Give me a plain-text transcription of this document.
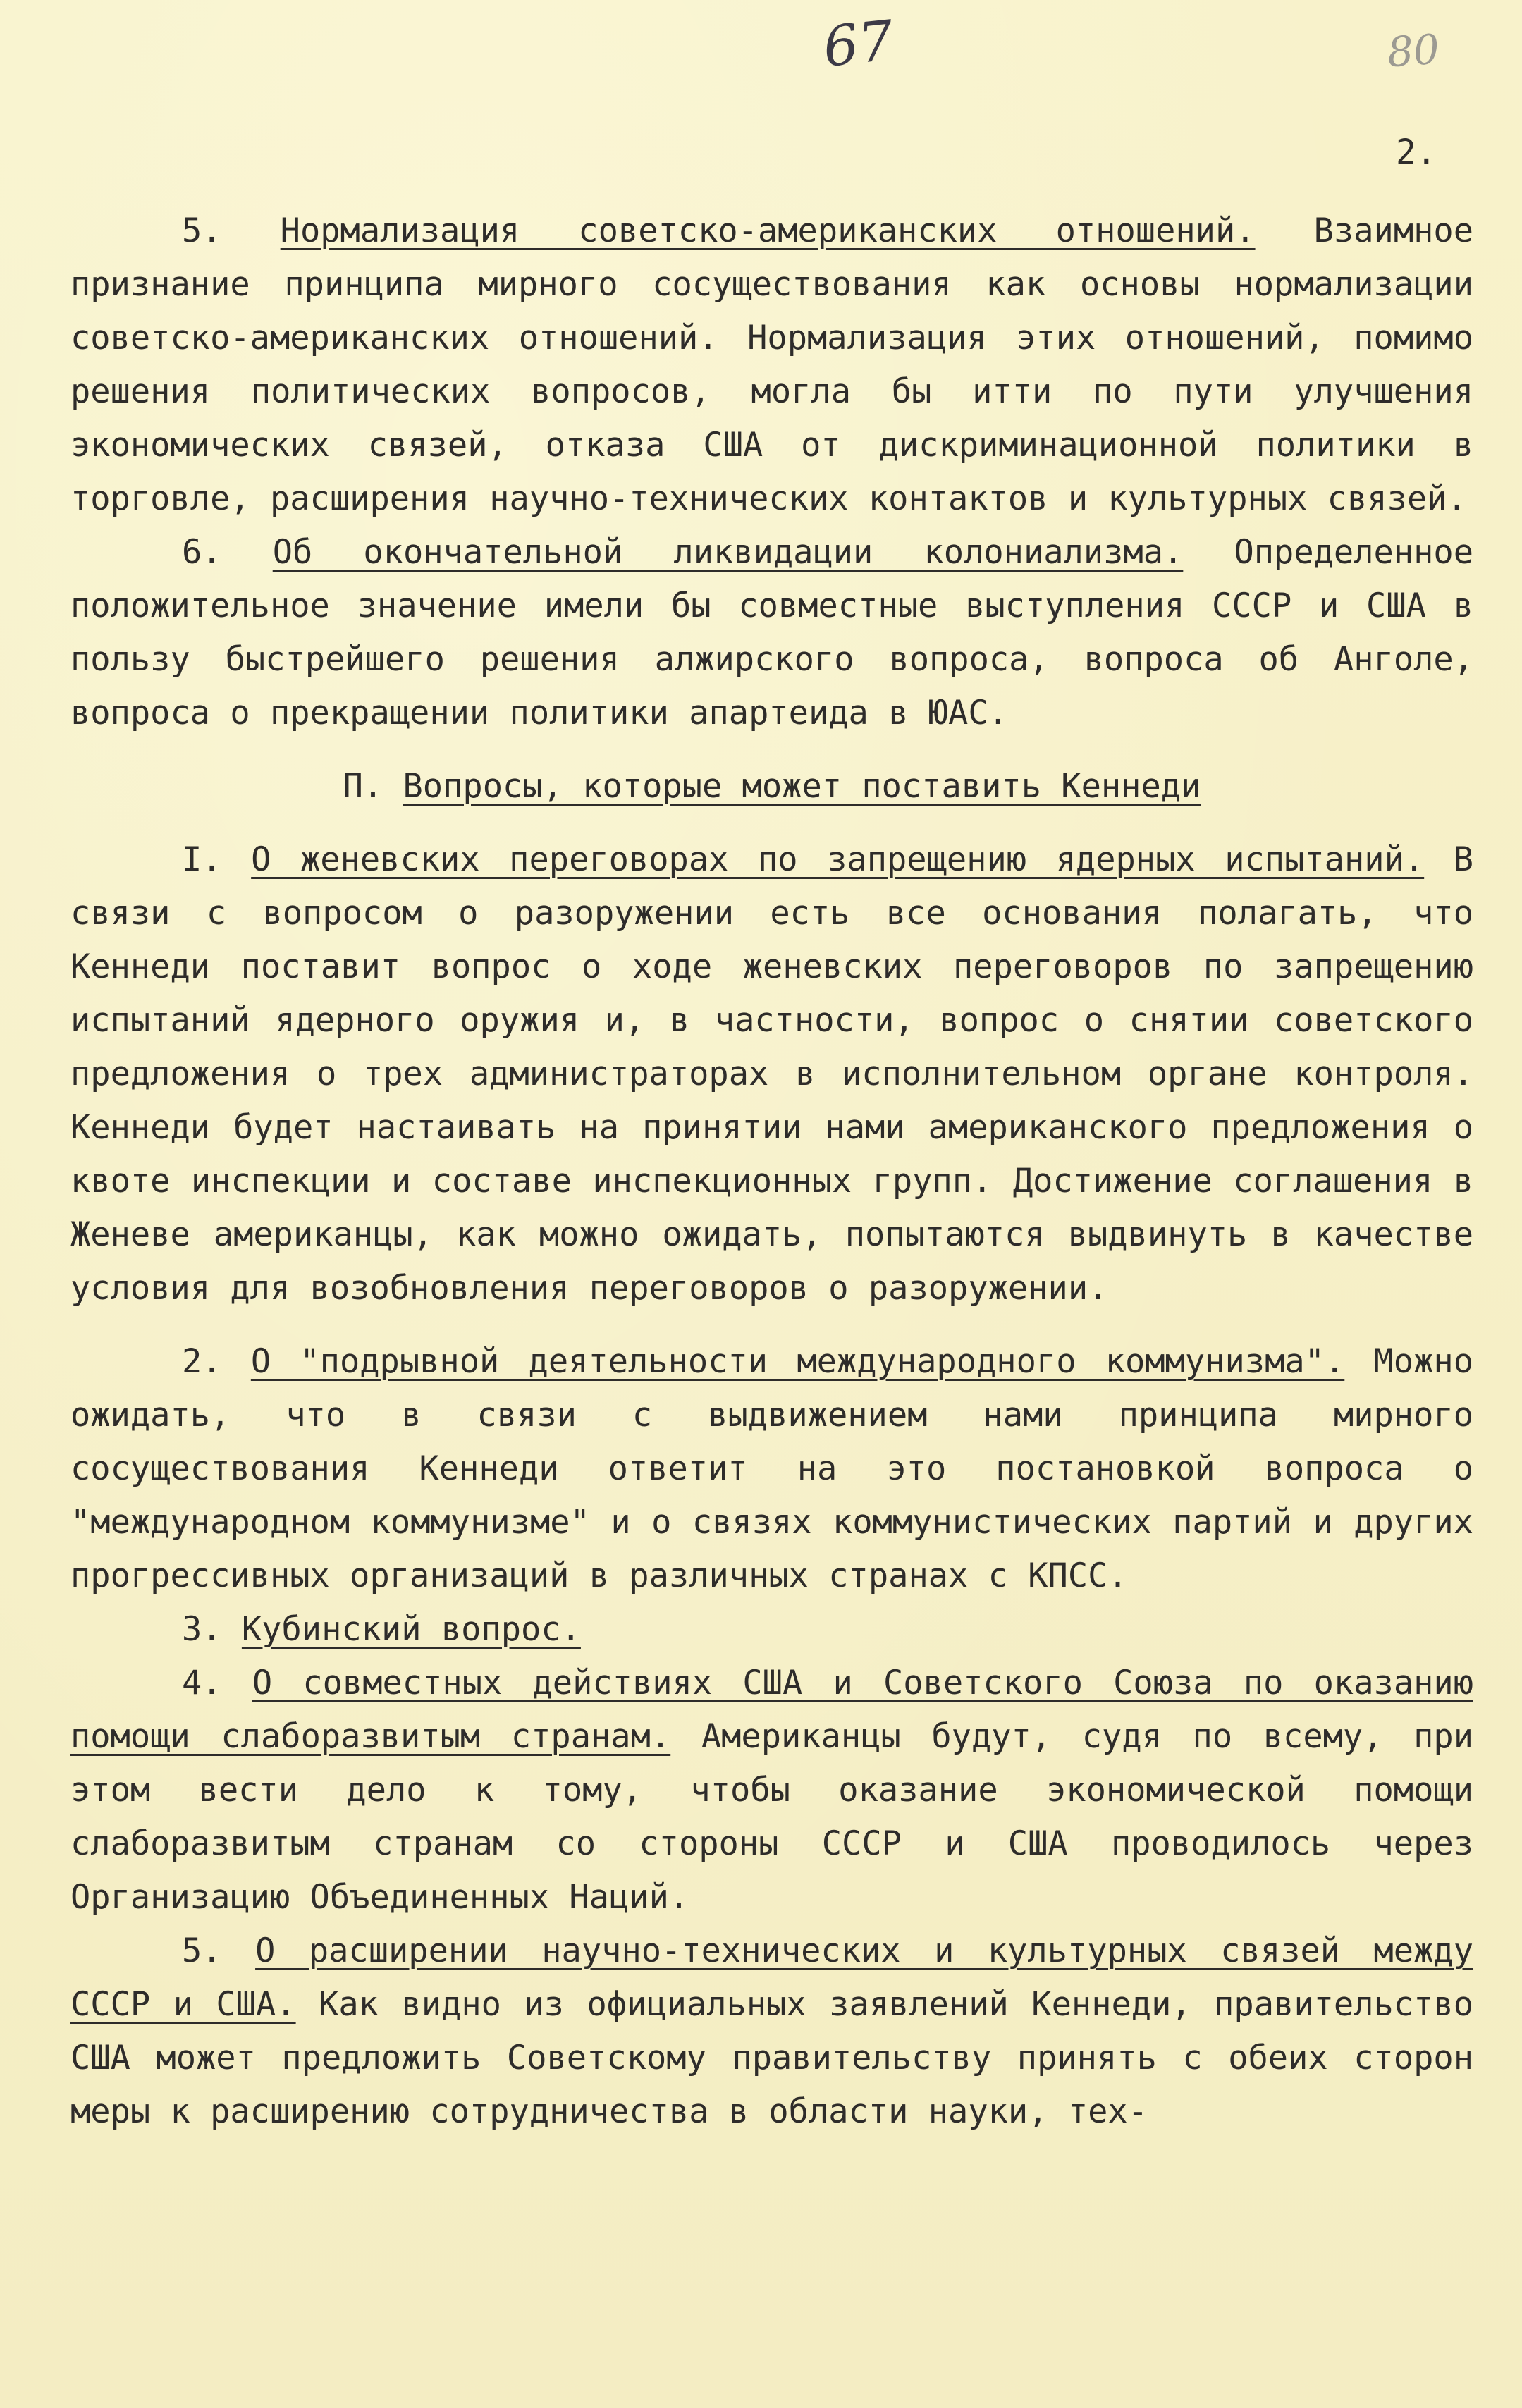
67	80
2.

5. Нормализация советско-американских отношений. Взаимное признание принципа мирного сосуществования как основы нормализации советско-американских отношений. Нормализация этих отношений, помимо решения политических вопросов, могла бы итти по пути улучшения экономических связей, отказа США от дискриминационной политики в торговле, расширения научно-технических контактов и культурных связей.

6. Об окончательной ликвидации колониализма. Определенное положительное значение имели бы совместные выступления СССР и США в пользу быстрейшего решения алжирского вопроса, вопроса об Анголе, вопроса о прекращении политики апартеида в ЮАС.

П. Вопросы, которые может поставить Кеннеди

I. О женевских переговорах по запрещению ядерных испытаний. В связи с вопросом о разоружении есть все основания полагать, что Кеннеди поставит вопрос о ходе женевских переговоров по запрещению испытаний ядерного оружия и, в частности, вопрос о снятии советского предложения о трех администраторах в исполнительном органе контроля. Кеннеди будет настаивать на принятии нами американского предложения о квоте инспекции и составе инспекционных групп. Достижение соглашения в Женеве американцы, как можно ожидать, попытаются выдвинуть в качестве условия для возобновления переговоров о разоружении.

2. О "подрывной деятельности международного коммунизма". Можно ожидать, что в связи с выдвижением нами принципа мирного сосуществования Кеннеди ответит на это постановкой вопроса о "международном коммунизме" и о связях коммунистических партий и других прогрессивных организаций в различных странах с КПСС.

3. Кубинский вопрос.

4. О совместных действиях США и Советского Союза по оказанию помощи слаборазвитым странам. Американцы будут, судя по всему, при этом вести дело к тому, чтобы оказание экономической помощи слаборазвитым странам со стороны СССР и США проводилось через Организацию Объединенных Наций.

5. О расширении научно-технических и культурных связей между СССР и США. Как видно из официальных заявлений Кеннеди, правительство США может предложить Советскому правительству принять с обеих сторон меры к расширению сотрудничества в области науки, тех-
